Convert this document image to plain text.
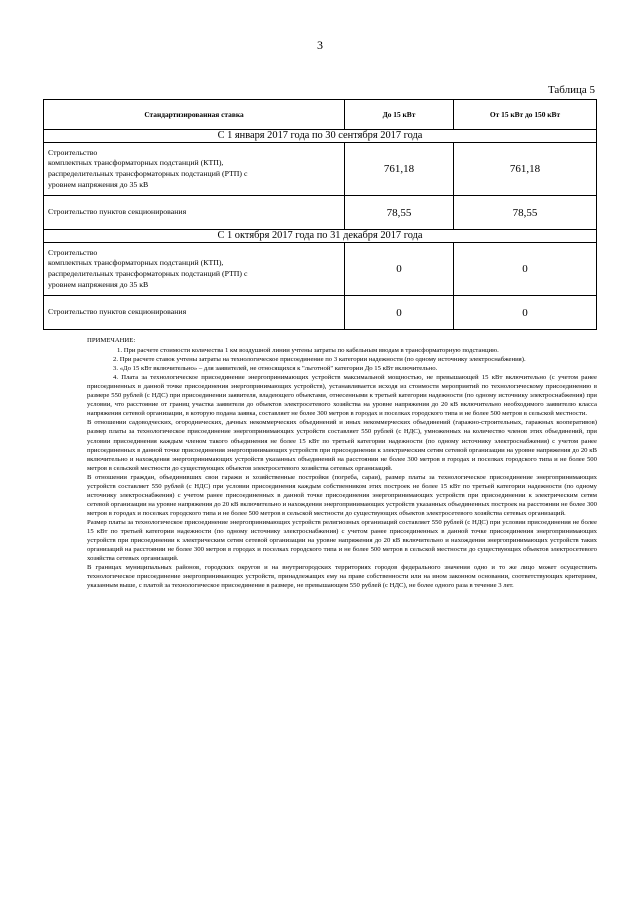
3
Таблица 5
Стандартизированная ставка	До 15 кВт	От 15 кВт до 150 кВт
С 1 января 2017 года по 30 сентября 2017 года		
Строительство
комплектных трансформаторных подстанций (КТП),
распределительных трансформаторных подстанций (РТП) с
уровнем напряжения до 35 кВ	761,18	761,18
Строительство пунктов секционирования	78,55	78,55
С 1 октября 2017 года по 31 декабря 2017 года		
Строительство
комплектных трансформаторных подстанций (КТП),
распределительных трансформаторных подстанций (РТП) с
уровнем напряжения до 35 кВ	0	0
Строительство пунктов секционирования	0	0

ПРИМЕЧАНИЕ:

1. При расчете стоимости количества 1 км воздушной линии учтены затраты по кабельным вводам в трансформаторную подстанцию.

2. При расчете ставок учтены затраты на технологическое присоединение по 3 категории надежности (по одному источнику электроснабжения).

3. «До 15 кВт включительно» – для заявителей, не относящихся к "льготной" категории До 15 кВт включительно.

4. Плата за технологическое присоединение энергопринимающих устройств максимальной мощностью, не превышающей 15 кВт включительно (с учетом ранее присоединенных в данной точке присоединения энергопринимающих устройств), устанавливается исходя из стоимости мероприятий по технологическому присоединению в размере 550 рублей (с НДС) при присоединении заявителя, владеющего объектами, отнесенными к третьей категории надежности (по одному источнику электроснабжения) при условии, что расстояние от границ участка заявителя до объектов электросетевого хозяйства на уровне напряжения до 20 кВ включительно необходимого заявителю класса напряжения сетевой организации, в которую подана заявка, составляет не более 300 метров в городах и поселках городского типа и не более 500 метров в сельской местности.

В отношении садоводческих, огороднических, дачных некоммерческих объединений и иных некоммерческих объединений (гаражно-строительных, гаражных кооперативов) размер платы за технологическое присоединение энергопринимающих устройств составляет 550 рублей (с НДС), умноженных на количество членов этих объединений, при условии присоединения каждым членом такого объединения не более 15 кВт по третьей категории надежности (по одному источнику электроснабжения) с учетом ранее присоединенных в данной точке присоединения энергопринимающих устройств при присоединении к электрическим сетям сетевой организации на уровне напряжения до 20 кВ включительно и нахождения энергопринимающих устройств указанных объединений на расстоянии не более 300 метров в городах и поселках городского типа и не более 500 метров в сельской местности до существующих объектов электросетевого хозяйства сетевых организаций.

В отношении граждан, объединивших свои гаражи и хозяйственные постройки (погреба, сараи), размер платы за технологическое присоединение энергопринимающих устройств составляет 550 рублей (с НДС) при условии присоединения каждым собственником этих построек не более 15 кВт по третьей категории надежности (по одному источнику электроснабжения) с учетом ранее присоединенных в данной точке присоединения энергопринимающих устройств при присоединении к электрическим сетям сетевой организации на уровне напряжения до 20 кВ включительно и нахождения энергопринимающих устройств указанных объединенных построек на расстоянии не более 300 метров в городах и поселках городского типа и не более 500 метров в сельской местности до существующих объектов электросетевого хозяйства сетевых организаций.

Размер платы за технологическое присоединение энергопринимающих устройств религиозных организаций составляет 550 рублей (с НДС) при условии присоединения не более 15 кВт по третьей категории надежности (по одному источнику электроснабжения) с учетом ранее присоединенных в данной точке присоединения энергопринимающих устройств при присоединении к электрическим сетям сетевой организации на уровне напряжения до 20 кВ включительно и нахождения энергопринимающих устройств таких организаций на расстоянии не более 300 метров в городах и поселках городского типа и не более 500 метров в сельской местности до существующих объектов электросетевого хозяйства сетевых организаций.

В границах муниципальных районов, городских округов и на внутригородских территориях городов федерального значения одно и то же лицо может осуществить технологическое присоединение энергопринимающих устройств, принадлежащих ему на праве собственности или на ином законном основании, соответствующих критериям, указанным выше, с платой за технологическое присоединение в размере, не превышающем 550 рублей (с НДС), не более одного раза в течение 3 лет.
